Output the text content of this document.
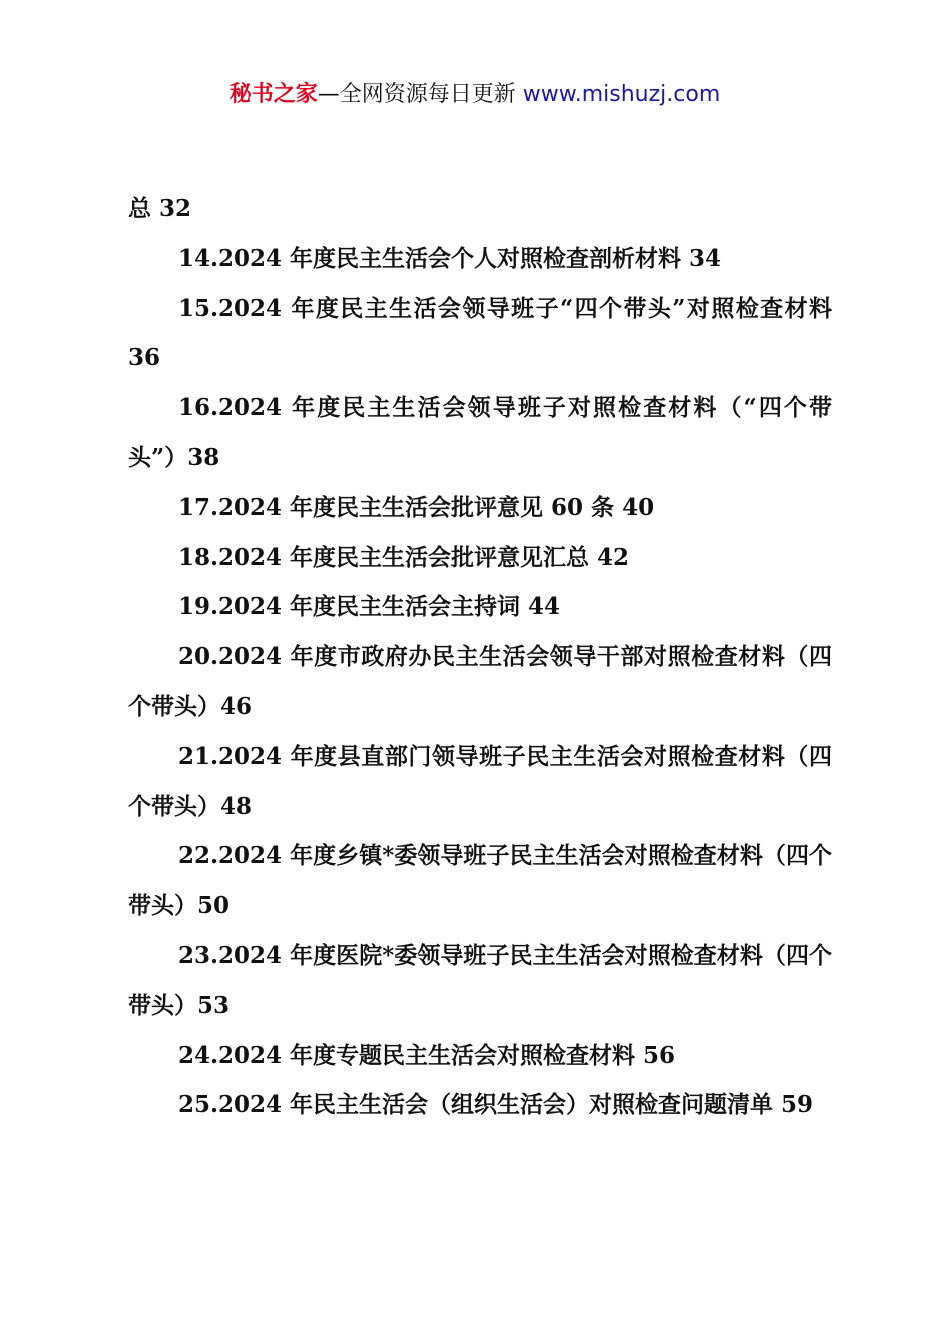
秘书之家—全网资源每日更新 www.mishuzj.com

总 32

14.2024 年度民主生活会个人对照检查剖析材料 34

15.2024 年度民主生活会领导班子“四个带头”对照检查材料 36

16.2024 年度民主生活会领导班子对照检查材料（“四个带头”）38

17.2024 年度民主生活会批评意见 60 条 40

18.2024 年度民主生活会批评意见汇总 42

19.2024 年度民主生活会主持词 44

20.2024 年度市政府办民主生活会领导干部对照检查材料（四个带头）46

21.2024 年度县直部门领导班子民主生活会对照检查材料（四个带头）48

22.2024 年度乡镇*委领导班子民主生活会对照检查材料（四个带头）50

23.2024 年度医院*委领导班子民主生活会对照检查材料（四个带头）53

24.2024 年度专题民主生活会对照检查材料 56

25.2024 年民主生活会（组织生活会）对照检查问题清单 59
